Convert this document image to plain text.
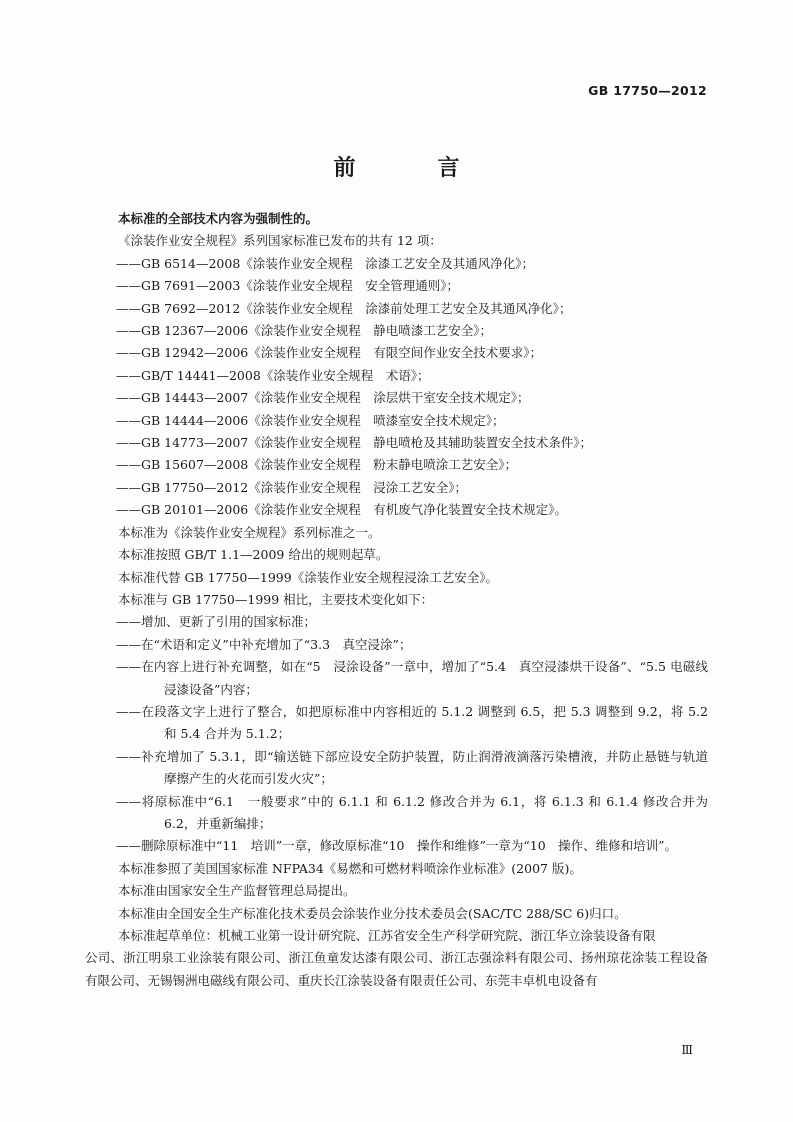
GB 17750—2012
前　言

本标准的全部技术内容为强制性的。

《涂装作业安全规程》系列国家标准已发布的共有 12 项：

——GB 6514—2008《涂装作业安全规程　涂漆工艺安全及其通风净化》；

——GB 7691—2003《涂装作业安全规程　安全管理通则》；

——GB 7692—2012《涂装作业安全规程　涂漆前处理工艺安全及其通风净化》；

——GB 12367—2006《涂装作业安全规程　静电喷漆工艺安全》；

——GB 12942—2006《涂装作业安全规程　有限空间作业安全技术要求》；

——GB/T 14441—2008《涂装作业安全规程　术语》；

——GB 14443—2007《涂装作业安全规程　涂层烘干室安全技术规定》；

——GB 14444—2006《涂装作业安全规程　喷漆室安全技术规定》；

——GB 14773—2007《涂装作业安全规程　静电喷枪及其辅助装置安全技术条件》；

——GB 15607—2008《涂装作业安全规程　粉末静电喷涂工艺安全》；

——GB 17750—2012《涂装作业安全规程　浸涂工艺安全》；

——GB 20101—2006《涂装作业安全规程　有机废气净化装置安全技术规定》。

本标准为《涂装作业安全规程》系列标准之一。

本标准按照 GB/T 1.1—2009 给出的规则起草。

本标准代替 GB 17750—1999《涂装作业安全规程浸涂工艺安全》。

本标准与 GB 17750—1999 相比，主要技术变化如下：

——增加、更新了引用的国家标准；

——在“术语和定义”中补充增加了“3.3　真空浸涂”；

——在内容上进行补充调整，如在“5　浸涂设备”一章中，增加了“5.4　真空浸漆烘干设备”、“5.5 电磁线浸漆设备”内容；

——在段落文字上进行了整合，如把原标准中内容相近的 5.1.2 调整到 6.5，把 5.3 调整到 9.2，将 5.2 和 5.4 合并为 5.1.2；

——补充增加了 5.3.1，即“输送链下部应设安全防护装置，防止润滑液滴落污染槽液，并防止悬链与轨道摩擦产生的火花而引发火灾”；

——将原标准中“6.1　一般要求”中的 6.1.1 和 6.1.2 修改合并为 6.1，将 6.1.3 和 6.1.4 修改合并为 6.2，并重新编排；

——删除原标准中“11　培训”一章，修改原标准“10　操作和维修”一章为“10　操作、维修和培训”。

本标准参照了美国国家标准 NFPA34《易燃和可燃材料喷涂作业标准》(2007 版)。

本标准由国家安全生产监督管理总局提出。

本标准由全国安全生产标准化技术委员会涂装作业分技术委员会(SAC/TC 288/SC 6)归口。

本标准起草单位：机械工业第一设计研究院、江苏省安全生产科学研究院、浙江华立涂装设备有限
公司、浙江明泉工业涂装有限公司、浙江鱼童发达漆有限公司、浙江志强涂料有限公司、扬州琼花涂装工程设备有限公司、无锡锡洲电磁线有限公司、重庆长江涂装设备有限责任公司、东莞丰卓机电设备有
Ⅲ
